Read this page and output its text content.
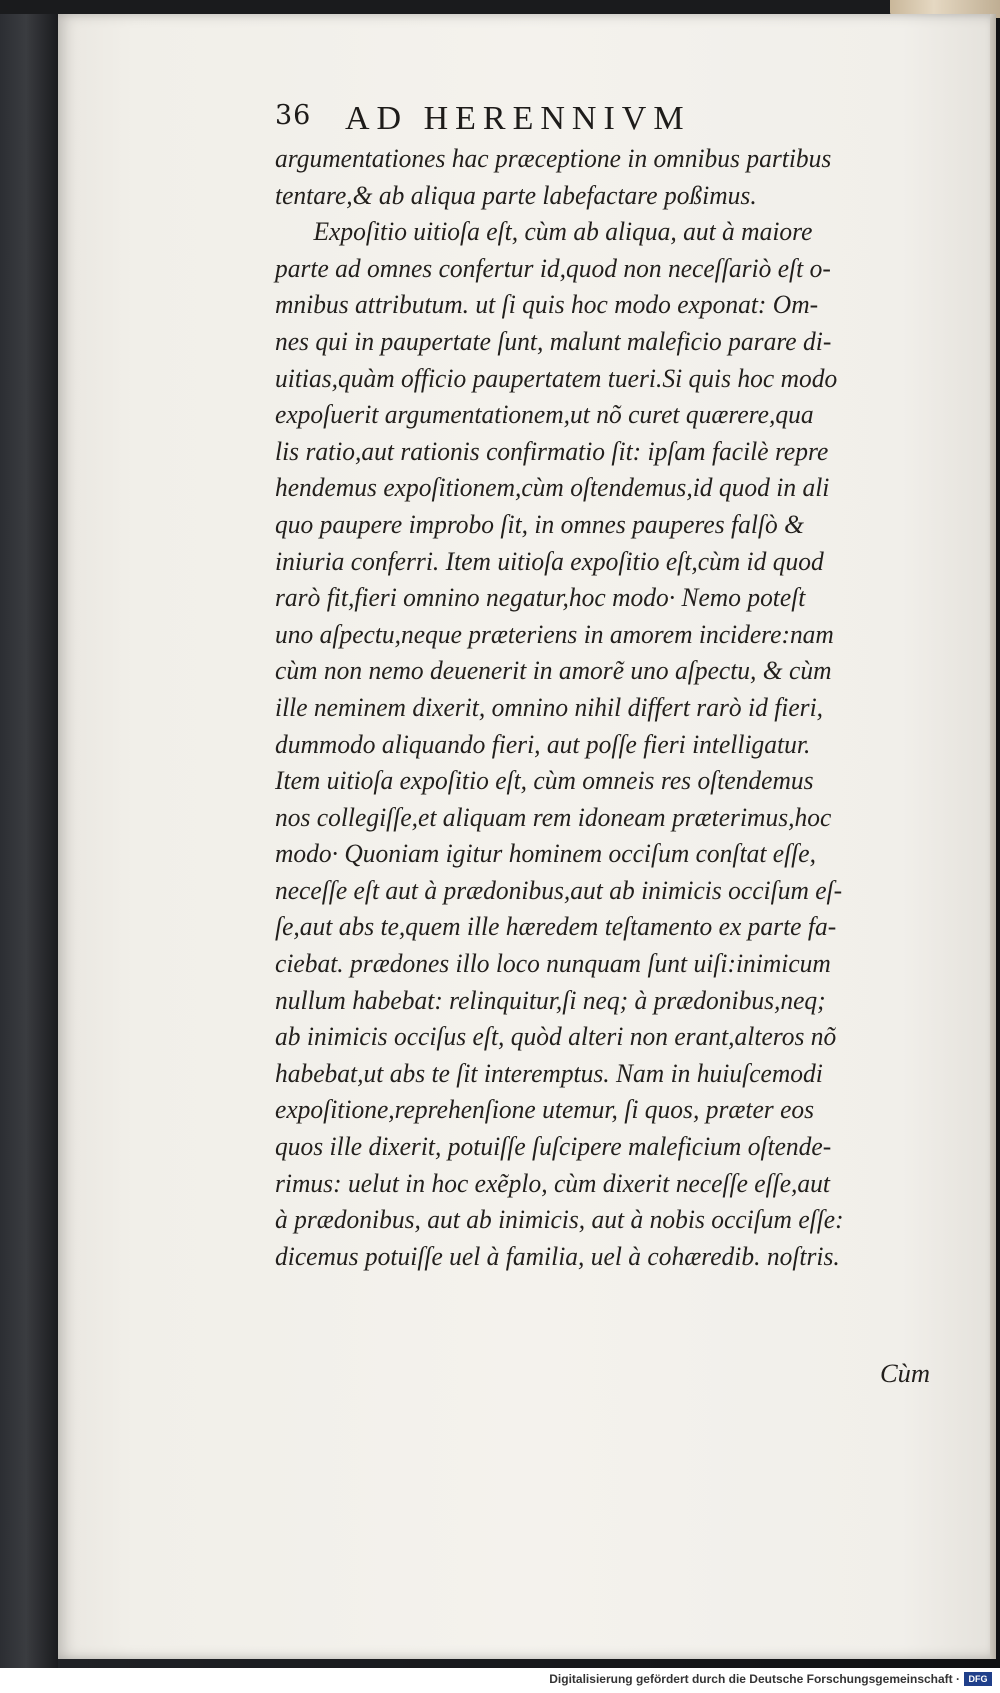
36 AD HERENNIVM
argumentationes hac præceptione in omnibus partibus
tentare,& ab aliqua parte labefactare poßimus.
Expoſitio uitioſa eſt, cùm ab aliqua, aut à maiore
parte ad omnes confertur id,quod non neceſſariò eſt o-
mnibus attributum. ut ſi quis hoc modo exponat: Om-
nes qui in paupertate ſunt, malunt maleficio parare di-
uitias,quàm officio paupertatem tueri.Si quis hoc modo
expoſuerit argumentationem,ut nõ curet quærere,qua
lis ratio,aut rationis confirmatio ſit: ipſam facilè repre
hendemus expoſitionem,cùm oſtendemus,id quod in ali
quo paupere improbo ſit, in omnes pauperes falſò &
iniuria conferri. Item uitioſa expoſitio eſt,cùm id quod
rarò fit,fieri omnino negatur,hoc modo· Nemo poteſt
uno aſpectu,neque præteriens in amorem incidere:nam
cùm non nemo deuenerit in amorẽ uno aſpectu, & cùm
ille neminem dixerit, omnino nihil differt rarò id fieri,
dummodo aliquando fieri, aut poſſe fieri intelligatur.
Item uitioſa expoſitio eſt, cùm omneis res oſtendemus
nos collegiſſe,et aliquam rem idoneam præterimus,hoc
modo· Quoniam igitur hominem occiſum conſtat eſſe,
neceſſe eſt aut à prædonibus,aut ab inimicis occiſum eſ-
ſe,aut abs te,quem ille hæredem teſtamento ex parte fa-
ciebat. prædones illo loco nunquam ſunt uiſi:inimicum
nullum habebat: relinquitur,ſi neq; à prædonibus,neq;
ab inimicis occiſus eſt, quòd alteri non erant,alteros nõ
habebat,ut abs te ſit interemptus. Nam in huiuſcemodi
expoſitione,reprehenſione utemur, ſi quos, præter eos
quos ille dixerit, potuiſſe ſuſcipere maleficium oſtende-
rimus: uelut in hoc exẽplo, cùm dixerit neceſſe eſſe,aut
à prædonibus, aut ab inimicis, aut à nobis occiſum eſſe:
dicemus potuiſſe uel à familia, uel à cohæredib. noſtris.
Cùm
Digitalisierung gefördert durch die Deutsche Forschungsgemeinschaft · DFG
